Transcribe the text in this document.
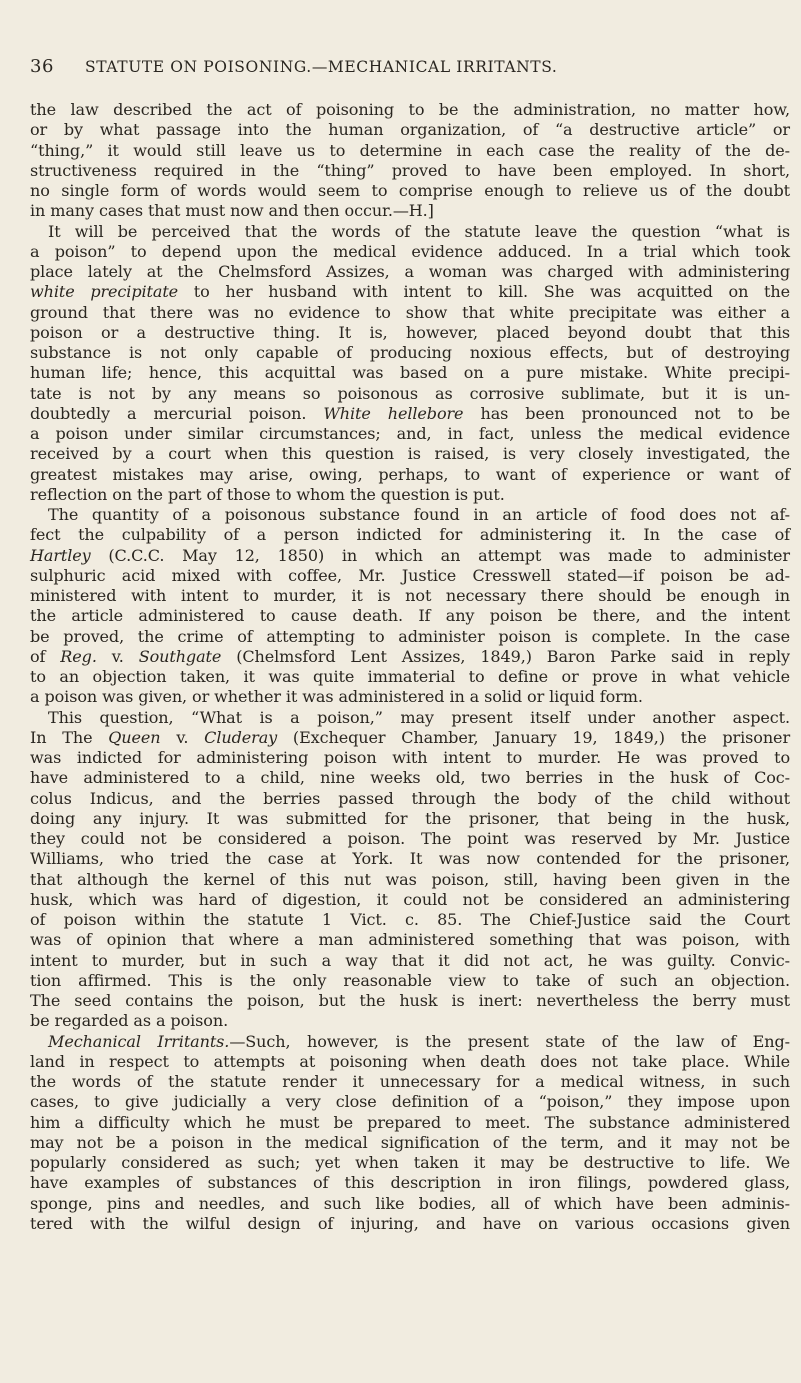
36 STATUTE ON POISONING.—MECHANICAL IRRITANTS.
the law described the act of poisoning to be the administration, no matter how,
or by what passage into the human organization, of “a destructive article” or
“thing,” it would still leave us to determine in each case the reality of the de-
structiveness required in the “thing” proved to have been employed. In short,
no single form of words would seem to comprise enough to relieve us of the doubt
in many cases that must now and then occur.—H.]
It will be perceived that the words of the statute leave the question “what is
a poison” to depend upon the medical evidence adduced. In a trial which took
place lately at the Chelmsford Assizes, a woman was charged with administering
white precipitate to her husband with intent to kill. She was acquitted on the
ground that there was no evidence to show that white precipitate was either a
poison or a destructive thing. It is, however, placed beyond doubt that this
substance is not only capable of producing noxious effects, but of destroying
human life; hence, this acquittal was based on a pure mistake. White precipi-
tate is not by any means so poisonous as corrosive sublimate, but it is un-
doubtedly a mercurial poison. White hellebore has been pronounced not to be
a poison under similar circumstances; and, in fact, unless the medical evidence
received by a court when this question is raised, is very closely investigated, the
greatest mistakes may arise, owing, perhaps, to want of experience or want of
reflection on the part of those to whom the question is put.
The quantity of a poisonous substance found in an article of food does not af-
fect the culpability of a person indicted for administering it. In the case of
Hartley (C.C.C. May 12, 1850) in which an attempt was made to administer
sulphuric acid mixed with coffee, Mr. Justice Cresswell stated—if poison be ad-
ministered with intent to murder, it is not necessary there should be enough in
the article administered to cause death. If any poison be there, and the intent
be proved, the crime of attempting to administer poison is complete. In the case
of Reg. v. Southgate (Chelmsford Lent Assizes, 1849,) Baron Parke said in reply
to an objection taken, it was quite immaterial to define or prove in what vehicle
a poison was given, or whether it was administered in a solid or liquid form.
This question, “What is a poison,” may present itself under another aspect.
In The Queen v. Cluderay (Exchequer Chamber, January 19, 1849,) the prisoner
was indicted for administering poison with intent to murder. He was proved to
have administered to a child, nine weeks old, two berries in the husk of Coc-
colus Indicus, and the berries passed through the body of the child without
doing any injury. It was submitted for the prisoner, that being in the husk,
they could not be considered a poison. The point was reserved by Mr. Justice
Williams, who tried the case at York. It was now contended for the prisoner,
that although the kernel of this nut was poison, still, having been given in the
husk, which was hard of digestion, it could not be considered an administering
of poison within the statute 1 Vict. c. 85. The Chief-Justice said the Court
was of opinion that where a man administered something that was poison, with
intent to murder, but in such a way that it did not act, he was guilty. Convic-
tion affirmed. This is the only reasonable view to take of such an objection.
The seed contains the poison, but the husk is inert: nevertheless the berry must
be regarded as a poison.
Mechanical Irritants.—Such, however, is the present state of the law of Eng-
land in respect to attempts at poisoning when death does not take place. While
the words of the statute render it unnecessary for a medical witness, in such
cases, to give judicially a very close definition of a “poison,” they impose upon
him a difficulty which he must be prepared to meet. The substance administered
may not be a poison in the medical signification of the term, and it may not be
popularly considered as such; yet when taken it may be destructive to life. We
have examples of substances of this description in iron filings, powdered glass,
sponge, pins and needles, and such like bodies, all of which have been adminis-
tered with the wilful design of injuring, and have on various occasions given
